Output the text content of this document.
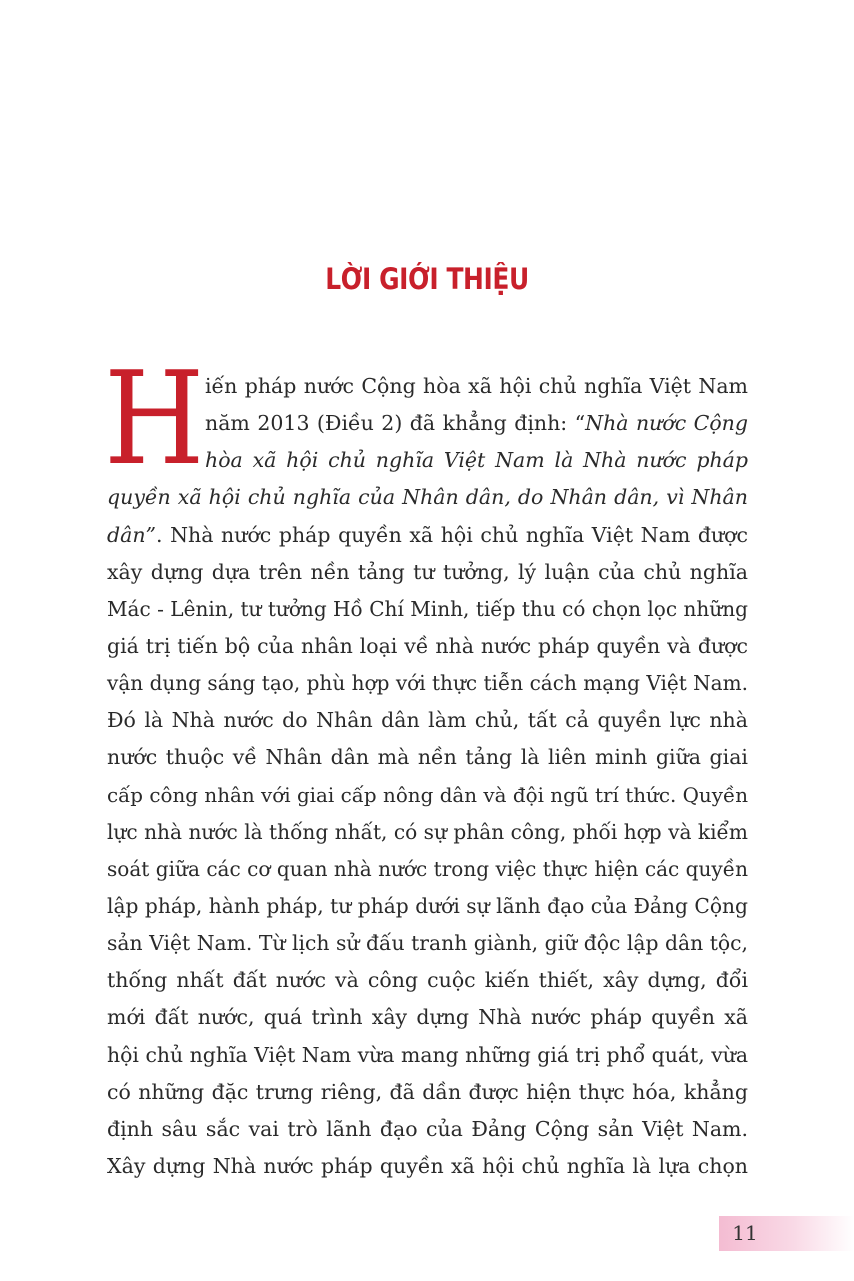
LỜI GIỚI THIỆU
H iến pháp nước Cộng hòa xã hội chủ nghĩa Việt Nam
năm 2013 (Điều 2) đã khẳng định: “Nhà nước Cộng
hòa xã hội chủ nghĩa Việt Nam là Nhà nước pháp
quyền xã hội chủ nghĩa của Nhân dân, do Nhân dân, vì Nhân
dân”. Nhà nước pháp quyền xã hội chủ nghĩa Việt Nam được
xây dựng dựa trên nền tảng tư tưởng, lý luận của chủ nghĩa
Mác - Lênin, tư tưởng Hồ Chí Minh, tiếp thu có chọn lọc những
giá trị tiến bộ của nhân loại về nhà nước pháp quyền và được
vận dụng sáng tạo, phù hợp với thực tiễn cách mạng Việt Nam.
Đó là Nhà nước do Nhân dân làm chủ, tất cả quyền lực nhà
nước thuộc về Nhân dân mà nền tảng là liên minh giữa giai
cấp công nhân với giai cấp nông dân và đội ngũ trí thức. Quyền
lực nhà nước là thống nhất, có sự phân công, phối hợp và kiểm
soát giữa các cơ quan nhà nước trong việc thực hiện các quyền
lập pháp, hành pháp, tư pháp dưới sự lãnh đạo của Đảng Cộng
sản Việt Nam. Từ lịch sử đấu tranh giành, giữ độc lập dân tộc,
thống nhất đất nước và công cuộc kiến thiết, xây dựng, đổi
mới đất nước, quá trình xây dựng Nhà nước pháp quyền xã
hội chủ nghĩa Việt Nam vừa mang những giá trị phổ quát, vừa
có những đặc trưng riêng, đã dần được hiện thực hóa, khẳng
định sâu sắc vai trò lãnh đạo của Đảng Cộng sản Việt Nam.
Xây dựng Nhà nước pháp quyền xã hội chủ nghĩa là lựa chọn
11
